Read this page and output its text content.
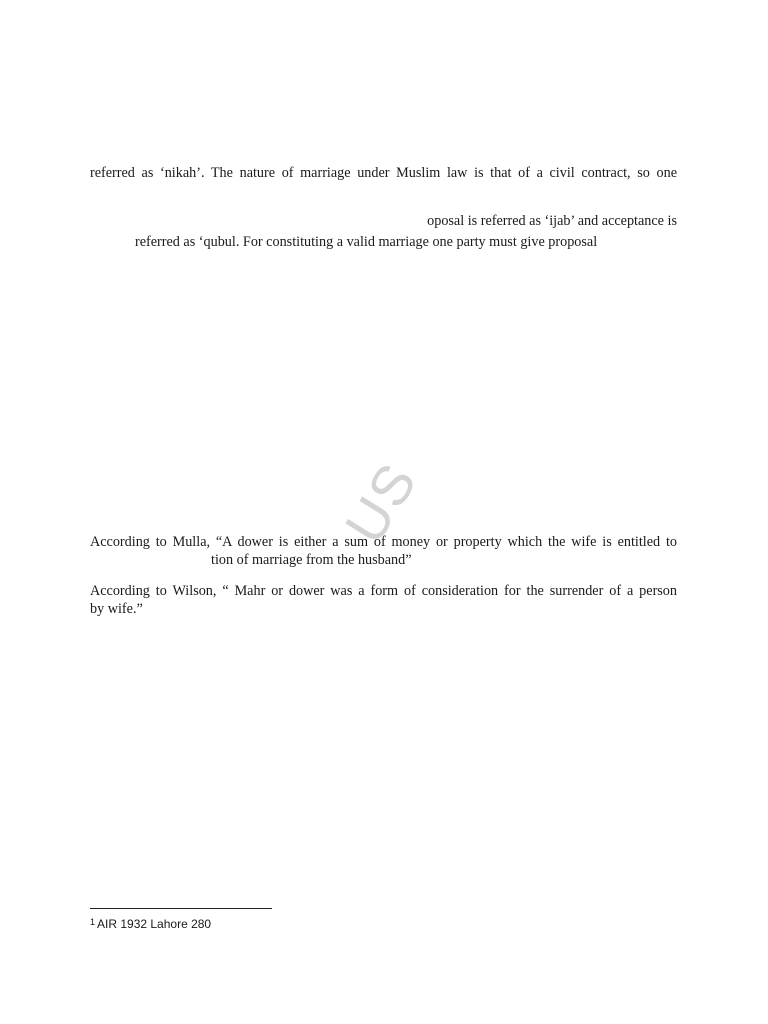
referred as ‘nikah’. The nature of marriage under Muslim law is that of a civil contract, so one

oposal is referred as ‘ijab’ and acceptance is

referred as ‘qubul. For constituting a valid marriage one party must give proposal

US

According to Mulla, “A dower is either a sum of money or property which the wife is entitled to

tion of marriage from the husband”

According to Wilson, “ Mahr or dower was a form of consideration for the surrender of a person

by wife.”

$^1$ AIR 1932 Lahore 280
